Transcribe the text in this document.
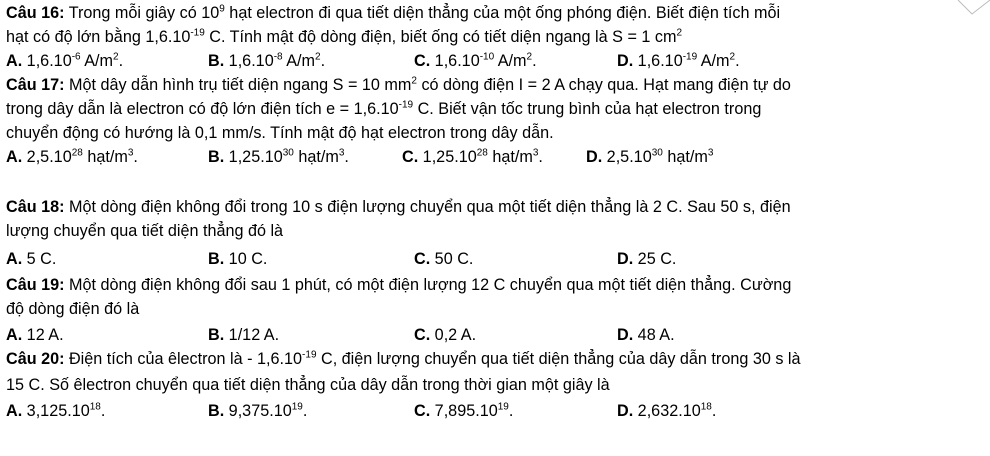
Câu 16: Trong mỗi giây có $10^9$ hạt electron đi qua tiết diện thẳng của một ống phóng điện. Biết điện tích mỗi
hạt có độ lớn bằng $1,6.10^{-19}$ C. Tính mật độ dòng điện, biết ống có tiết diện ngang là S = 1 $cm^2$
A. $1,6.10^{-6}$ $A/m^2$.	B. $1,6.10^{-8}$ $A/m^2$.	C. $1,6.10^{-10}$ $A/m^2$.	D. $1,6.10^{-19}$ $A/m^2$.
Câu 17: Một dây dẫn hình trụ tiết diện ngang S = 10 $mm^2$ có dòng điện I = 2 A chạy qua. Hạt mang điện tự do
trong dây dẫn là electron có độ lớn điện tích $e = 1,6.10^{-19}$ C. Biết vận tốc trung bình của hạt electron trong
chuyển động có hướng là 0,1 mm/s. Tính mật độ hạt electron trong dây dẫn.
A. 2,5.10$^{28}$ hạt/$m^3$.	B. 1,25.10$^{30}$ hạt/$m^3$.	C. 1,25.10$^{28}$ hạt/$m^3$.	D. 2,5.10$^{30}$ hạt/$m^3$
Câu 18: Một dòng điện không đổi trong 10 s điện lượng chuyển qua một tiết diện thẳng là 2 C. Sau 50 s, điện
lượng chuyển qua tiết diện thẳng đó là
A. 5 C.	B. 10 C.	C. 50 C.	D. 25 C.
Câu 19: Một dòng điện không đổi sau 1 phút, có một điện lượng 12 C chuyển qua một tiết diện thẳng. Cường
độ dòng điện đó là
A. 12 A.	B. 1/12 A.	C. 0,2 A.	D. 48 A.
Câu 20: Điện tích của êlectron là - $1,6.10^{-19}$ C, điện lượng chuyển qua tiết diện thẳng của dây dẫn trong 30 s là
15 C. Số êlectron chuyển qua tiết diện thẳng của dây dẫn trong thời gian một giây là
A. 3,125.10$^{18}$.	B. 9,375.10$^{19}$.	C. 7,895.10$^{19}$.	D. 2,632.10$^{18}$.
